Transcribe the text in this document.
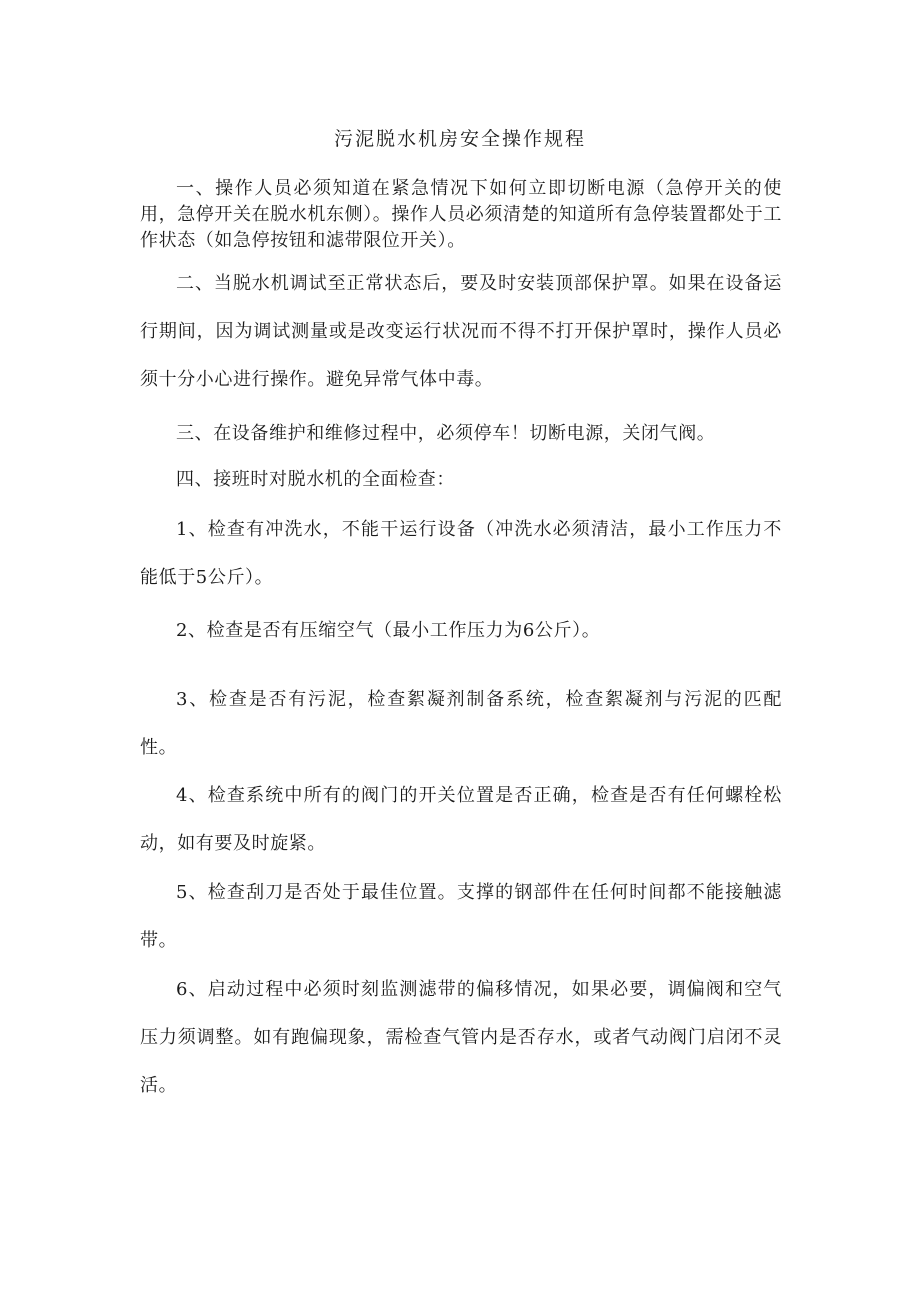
污泥脱水机房安全操作规程

一、操作人员必须知道在紧急情况下如何立即切断电源（急停开关的使用，急停开关在脱水机东侧）。操作人员必须清楚的知道所有急停装置都处于工作状态（如急停按钮和滤带限位开关）。

二、当脱水机调试至正常状态后，要及时安装顶部保护罩。如果在设备运行期间，因为调试测量或是改变运行状况而不得不打开保护罩时，操作人员必须十分小心进行操作。避免异常气体中毒。

三、在设备维护和维修过程中，必须停车！切断电源，关闭气阀。

四、接班时对脱水机的全面检查：

1、检查有冲洗水，不能干运行设备（冲洗水必须清洁，最小工作压力不能低于5公斤）。

2、检查是否有压缩空气（最小工作压力为6公斤）。

3、检查是否有污泥，检查絮凝剂制备系统，检查絮凝剂与污泥的匹配性。

4、检查系统中所有的阀门的开关位置是否正确，检查是否有任何螺栓松动，如有要及时旋紧。

5、检查刮刀是否处于最佳位置。支撑的钢部件在任何时间都不能接触滤带。

6、启动过程中必须时刻监测滤带的偏移情况，如果必要，调偏阀和空气压力须调整。如有跑偏现象，需检查气管内是否存水，或者气动阀门启闭不灵活。
